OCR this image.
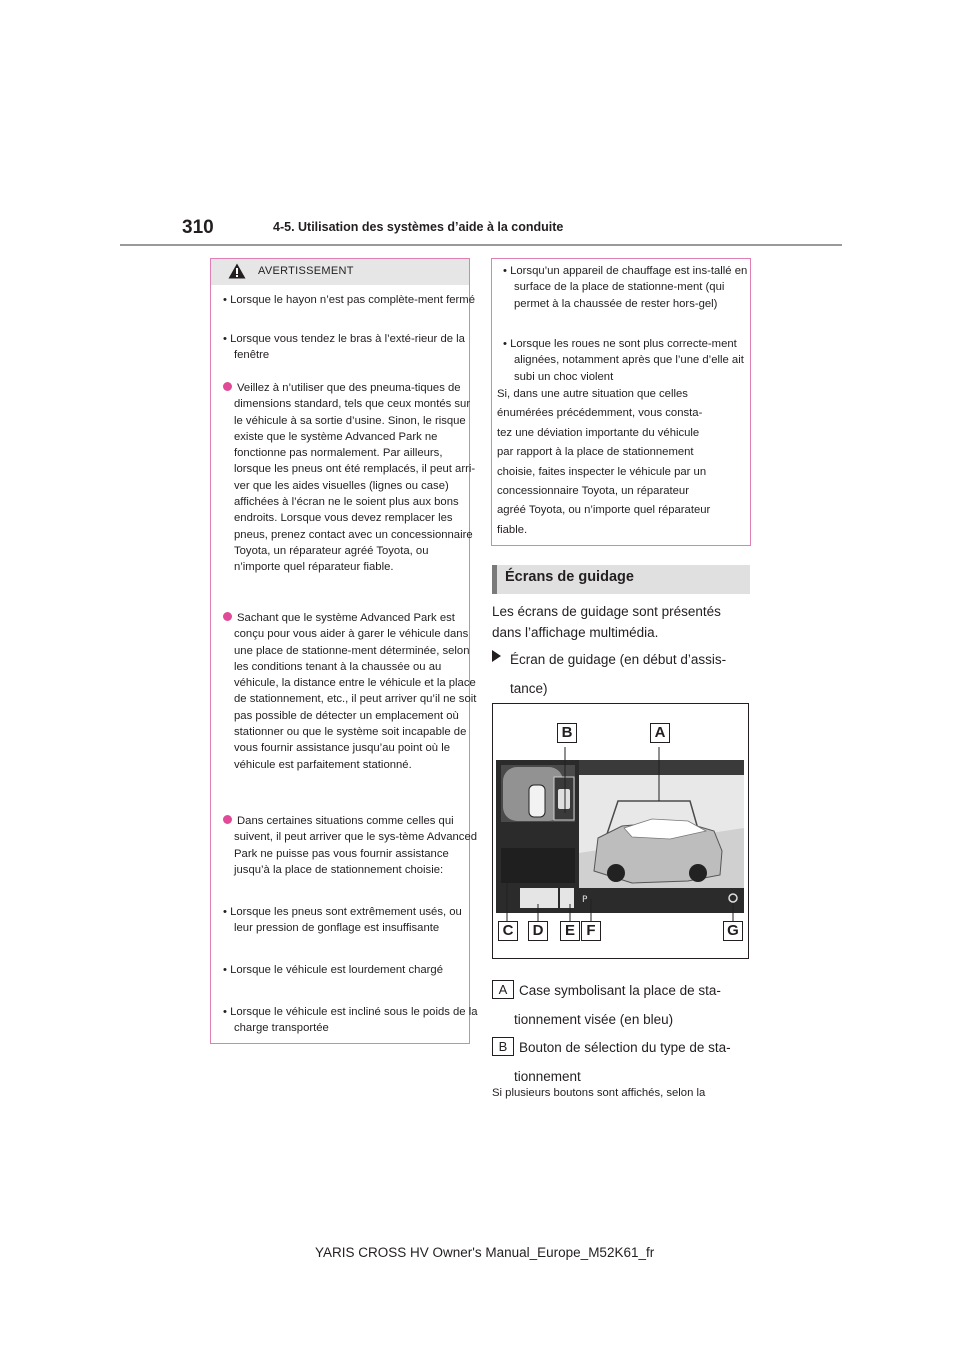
310	4-5. Utilisation des systèmes d’aide à la conduite
AVERTISSEMENT
• Lorsque le hayon n’est pas complète-ment fermé
• Lorsque vous tendez le bras à l’exté-rieur de la fenêtre
Veillez à n’utiliser que des pneuma-tiques de dimensions standard, tels que ceux montés sur le véhicule à sa sortie d’usine. Sinon, le risque existe que le système Advanced Park ne fonctionne pas normalement. Par ailleurs, lorsque les pneus ont été remplacés, il peut arri-ver que les aides visuelles (lignes ou case) affichées à l’écran ne le soient plus aux bons endroits. Lorsque vous devez remplacer les pneus, prenez contact avec un concessionnaire Toyota, un réparateur agréé Toyota, ou n’importe quel réparateur fiable.
Sachant que le système Advanced Park est conçu pour vous aider à garer le véhicule dans une place de stationne-ment déterminée, selon les conditions tenant à la chaussée ou au véhicule, la distance entre le véhicule et la place de stationnement, etc., il peut arriver qu’il ne soit pas possible de détecter un emplacement où stationner ou que le système soit incapable de vous fournir assistance jusqu’au point où le véhicule est parfaitement stationné.
Dans certaines situations comme celles qui suivent, il peut arriver que le sys-tème Advanced Park ne puisse pas vous fournir assistance jusqu’à la place de stationnement choisie:
• Lorsque les pneus sont extrêmement usés, ou leur pression de gonflage est insuffisante
• Lorsque le véhicule est lourdement chargé
• Lorsque le véhicule est incliné sous le poids de la charge transportée
• Lorsqu’un appareil de chauffage est ins-tallé en surface de la place de stationne-ment (qui permet à la chaussée de rester hors-gel)
• Lorsque les roues ne sont plus correcte-ment alignées, notamment après que l’une d’elle ait subi un choc violent
Si, dans une autre situation que celles
énumérées précédemment, vous consta-
tez une déviation importante du véhicule
par rapport à la place de stationnement
choisie, faites inspecter le véhicule par un
concessionnaire Toyota, un réparateur
agréé Toyota, ou n’importe quel réparateur
fiable.
Écrans de guidage
Les écrans de guidage sont présentés
dans l’affichage multimédia.
Écran de guidage (en début d’assis-
tance)
P
B	A
C	D	E F	G
A Case symbolisant la place de sta-
tionnement visée (en bleu)
B Bouton de sélection du type de sta-
tionnement
Si plusieurs boutons sont affichés, selon la
YARIS CROSS HV Owner's Manual_Europe_M52K61_fr
